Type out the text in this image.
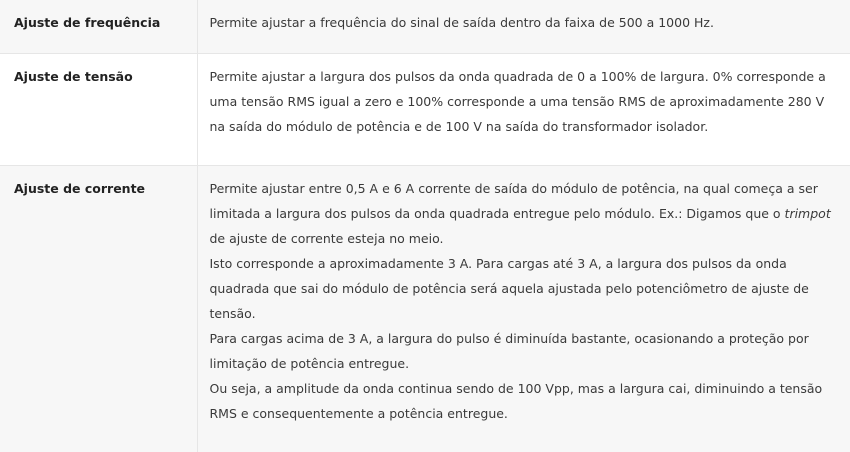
Ajuste de frequência	Permite ajustar a frequência do sinal de saída dentro da faixa de 500 a 1000 Hz.
Ajuste de tensão	Permite ajustar a largura dos pulsos da onda quadrada de 0 a 100% de largura. 0% corresponde a uma tensão RMS igual a zero e 100% corresponde a uma tensão RMS de aproximadamente 280 V na saída do módulo de potência e de 100 V na saída do transformador isolador.
Ajuste de corrente	Permite ajustar entre 0,5 A e 6 A corrente de saída do módulo de potência, na qual começa a ser limitada a largura dos pulsos da onda quadrada entregue pelo módulo. Ex.: Digamos que o trimpot de ajuste de corrente esteja no meio.
Isto corresponde a aproximadamente 3 A. Para cargas até 3 A, a largura dos pulsos da onda quadrada que sai do módulo de potência será aquela ajustada pelo potenciômetro de ajuste de tensão.
Para cargas acima de 3 A, a largura do pulso é diminuída bastante, ocasionando a proteção por limitação de potência entregue.
Ou seja, a amplitude da onda continua sendo de 100 Vpp, mas a largura cai, diminuindo a tensão RMS e consequentemente a potência entregue.
